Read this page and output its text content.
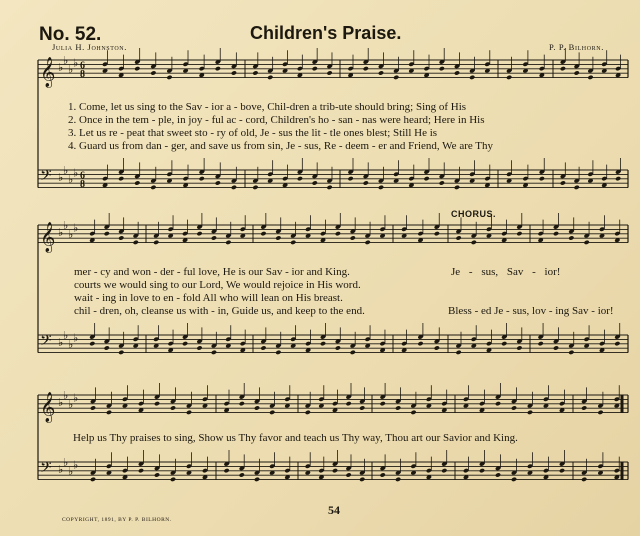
No. 52.	Children's Praise.
Julia H. Johnston.	P. P. Bilhorn.
𝄞
𝄢
♭
♭
♭
♭
♭
♭
♭
♭
6
8
6
8
𝄞
𝄢
♭
♭
♭
♭
♭
♭
♭
♭
𝄞
𝄢
♭
♭
♭
♭
♭
♭
♭
♭
1. Come, let us sing to the Sav - ior a - bove, Chil-dren a trib-ute should bring; Sing of His
2. Once in the tem - ple, in joy - ful ac - cord, Children's ho - san - nas were heard; Here in His
3. Let us re - peat that sweet sto - ry of old, Je - sus the lit - tle ones blest; Still He is
4. Guard us from dan - ger, and save us from sin, Je - sus, Re - deem - er and Friend, We are Thy
CHORUS.
mer - cy and won - der - ful love, He is our Sav - ior and King.
courts we would sing to our Lord, We would rejoice in His word.
wait - ing in love to en - fold All who will lean on His breast.
chil - dren, oh, cleanse us with - in, Guide us, and keep to the end.
Je - sus, Sav - ior!
Bless - ed Je - sus, lov - ing Sav - ior!
Help us Thy praises to sing, Show us Thy favor and teach us Thy way, Thou art our Savior and King.
54
COPYRIGHT, 1891, BY P. P. BILHORN.
